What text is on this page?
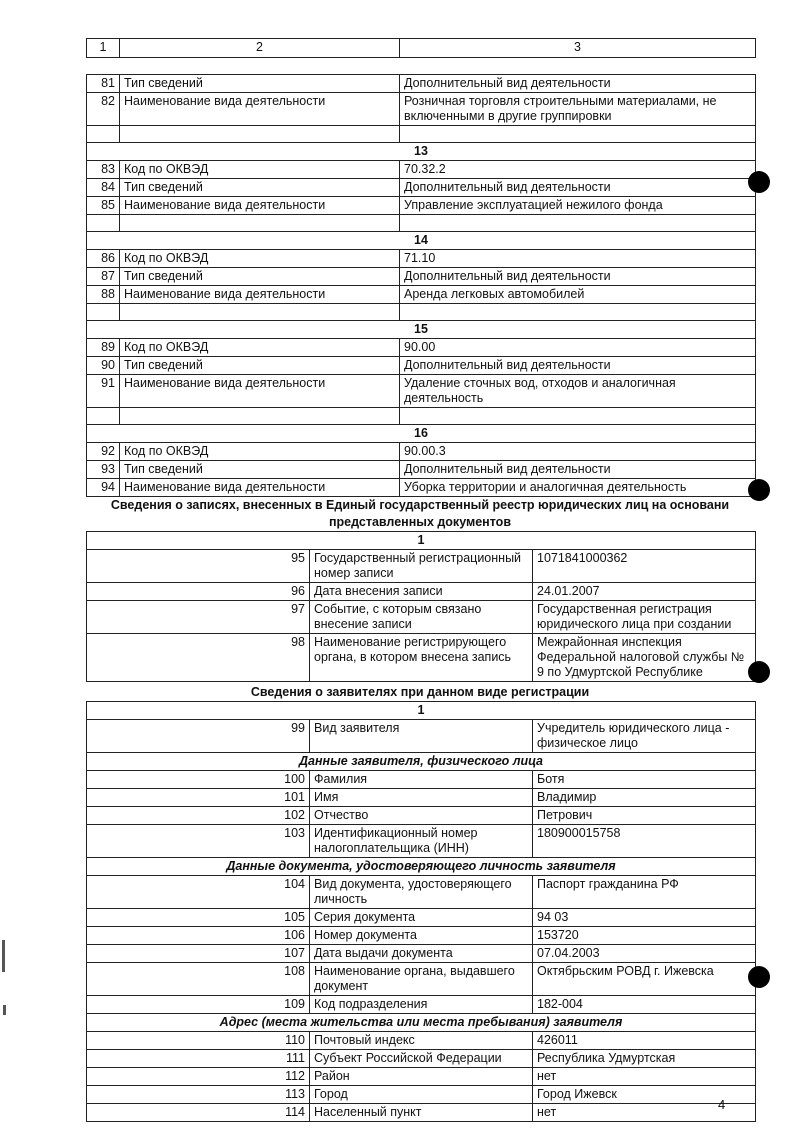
1	2	3
81	Тип сведений	Дополнительный вид деятельности
82	Наименование вида деятельности	Розничная торговля строительными материалами, не включенными в другие группировки

13		
83	Код по ОКВЭД	70.32.2
84	Тип сведений	Дополнительный вид деятельности
85	Наименование вида деятельности	Управление эксплуатацией нежилого фонда

14		
86	Код по ОКВЭД	71.10
87	Тип сведений	Дополнительный вид деятельности
88	Наименование вида деятельности	Аренда легковых автомобилей

15		
89	Код по ОКВЭД	90.00
90	Тип сведений	Дополнительный вид деятельности
91	Наименование вида деятельности	Удаление сточных вод, отходов и аналогичная деятельность

16		
92	Код по ОКВЭД	90.00.3
93	Тип сведений	Дополнительный вид деятельности
94	Наименование вида деятельности	Уборка территории и аналогичная деятельность
Сведения о записях, внесенных в Единый государственный реестр юридических лиц на основани
представленных документов
1		
95	Государственный регистрационный номер записи	1071841000362
96	Дата внесения записи	24.01.2007
97	Событие, с которым связано внесение записи	Государственная регистрация юридического лица при создании
98	Наименование регистрирующего органа, в котором внесена запись	Межрайонная инспекция Федеральной налоговой службы № 9 по Удмуртской Республике
Сведения о заявителях при данном виде регистрации
1		
99	Вид заявителя	Учредитель юридического лица - физическое лицо
Данные заявителя, физического лица		
100	Фамилия	Ботя
101	Имя	Владимир
102	Отчество	Петрович
103	Идентификационный номер налогоплательщика (ИНН)	180900015758
Данные документа, удостоверяющего личность заявителя		
104	Вид документа, удостоверяющего личность	Паспорт гражданина РФ
105	Серия документа	94 03
106	Номер документа	153720
107	Дата выдачи документа	07.04.2003
108	Наименование органа, выдавшего документ	Октябрьским РОВД г. Ижевска
109	Код подразделения	182-004
Адрес (места жительства или места пребывания) заявителя		
110	Почтовый индекс	426011
111	Субъект Российской Федерации	Республика Удмуртская
112	Район	нет
113	Город	Город Ижевск
114	Населенный пункт	нет	4
